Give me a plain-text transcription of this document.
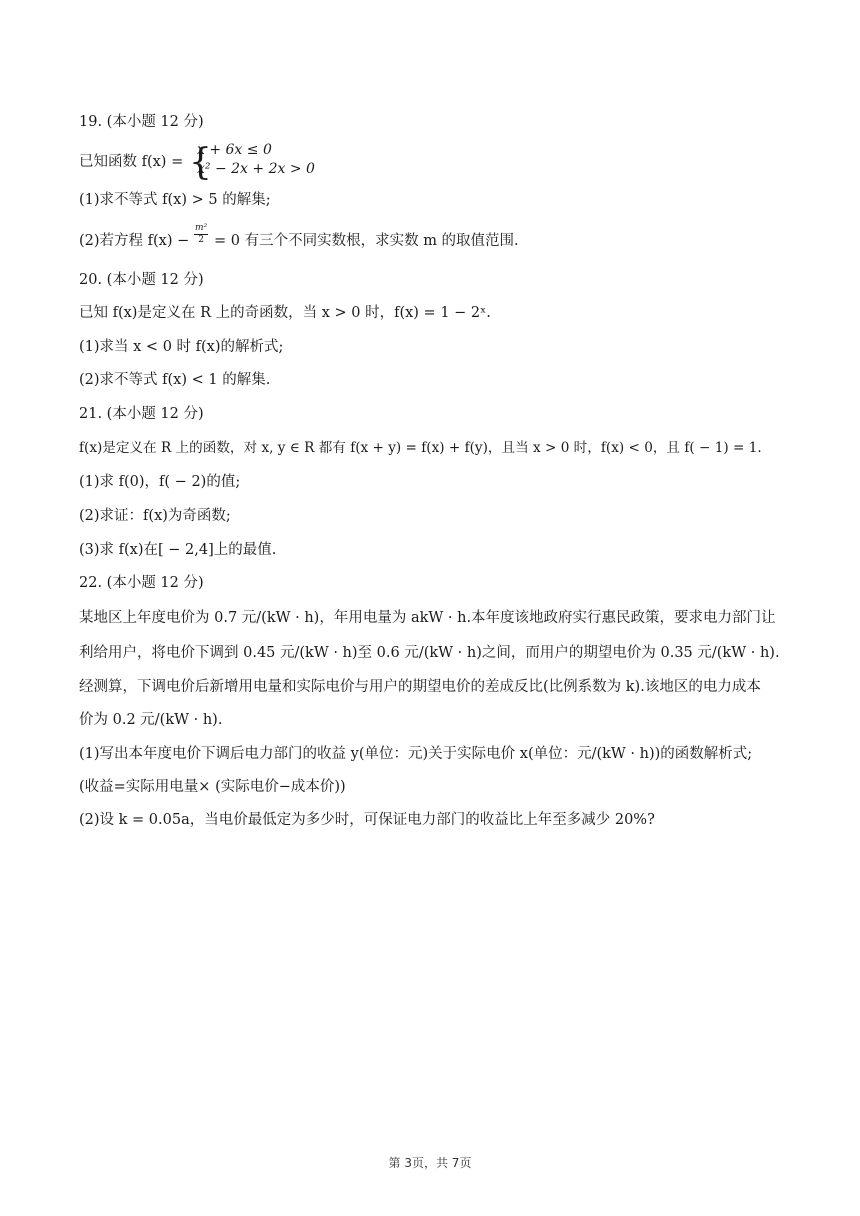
19. (本小题 12 分)
已知函数 f(x) = {
x + 6x ≤ 0
x² − 2x + 2x > 0
(1)求不等式 f(x) > 5 的解集;
(2)若方程 $f(x) - \frac{\text{m²}}{2} = 0$ 有三个不同实数根，求实数 m 的取值范围.
20. (本小题 12 分)
已知 f(x)是定义在 R 上的奇函数，当 x > 0 时，f(x) = 1 − 2ˣ.
(1)求当 x < 0 时 f(x)的解析式;
(2)求不等式 f(x) < 1 的解集.
21. (本小题 12 分)
f(x)是定义在 R 上的函数，对 x, y ∈ R 都有 f(x + y) = f(x) + f(y)，且当 x > 0 时，f(x) < 0，且 f( − 1) = 1.
(1)求 f(0)，f( − 2)的值;
(2)求证：f(x)为奇函数;
(3)求 f(x)在[ − 2,4]上的最值.
22. (本小题 12 分)
某地区上年度电价为 0.7 元/(kW · h)，年用电量为 akW · h.本年度该地政府实行惠民政策，要求电力部门让
利给用户，将电价下调到 0.45 元/(kW · h)至 0.6 元/(kW · h)之间，而用户的期望电价为 0.35 元/(kW · h).
经测算，下调电价后新增用电量和实际电价与用户的期望电价的差成反比(比例系数为 k).该地区的电力成本
价为 0.2 元/(kW · h).
(1)写出本年度电价下调后电力部门的收益 y(单位：元)关于实际电价 x(单位：元/(kW · h))的函数解析式;
(收益=实际用电量× (实际电价−成本价))
(2)设 k = 0.05a，当电价最低定为多少时，可保证电力部门的收益比上年至多减少 20%?
第 3页，共 7页
